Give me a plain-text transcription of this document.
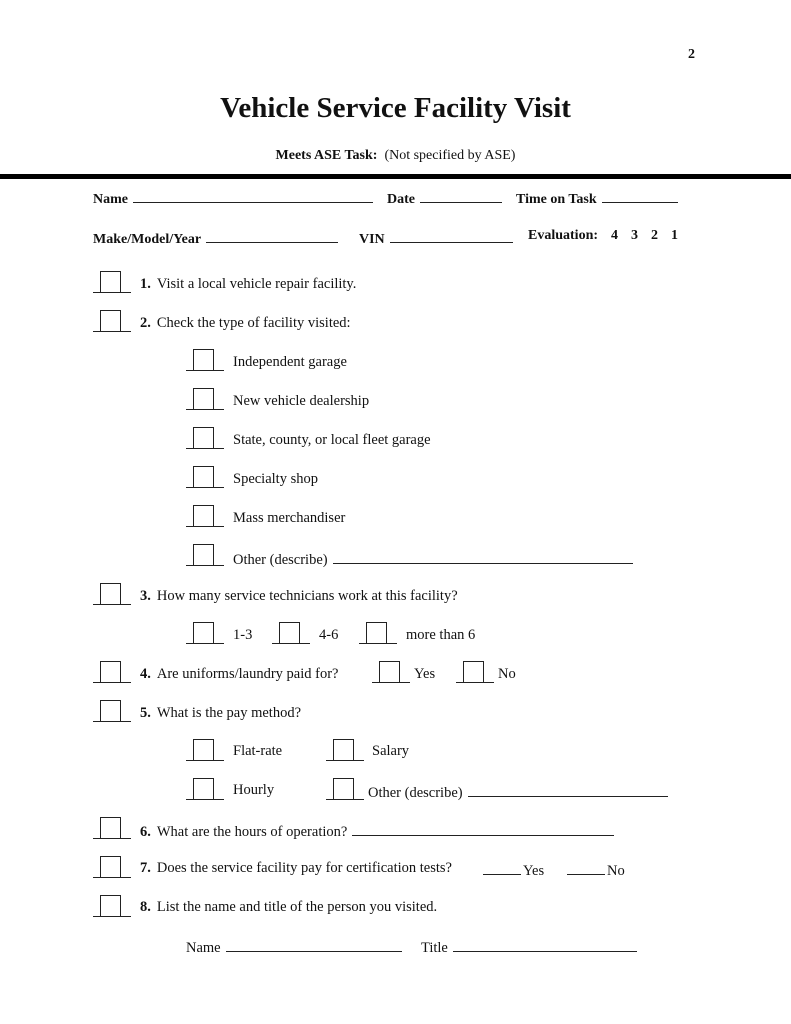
2
Vehicle Service Facility Visit
Meets ASE Task: (Not specified by ASE)
Name	Date	Time on Task
Make/Model/Year	VIN	Evaluation: 4 3 2 1
1. Visit a local vehicle repair facility.
2. Check the type of facility visited:
Independent garage
New vehicle dealership
State, county, or local fleet garage
Specialty shop
Mass merchandiser
Other (describe)
3. How many service technicians work at this facility?
1-3	4-6	more than 6
4. Are uniforms/laundry paid for?	Yes	No
5. What is the pay method?
Flat-rate	Salary
Hourly	Other (describe)
6. What are the hours of operation?
7. Does the service facility pay for certification tests?	Yes	No
8. List the name and title of the person you visited.
Name	Title
